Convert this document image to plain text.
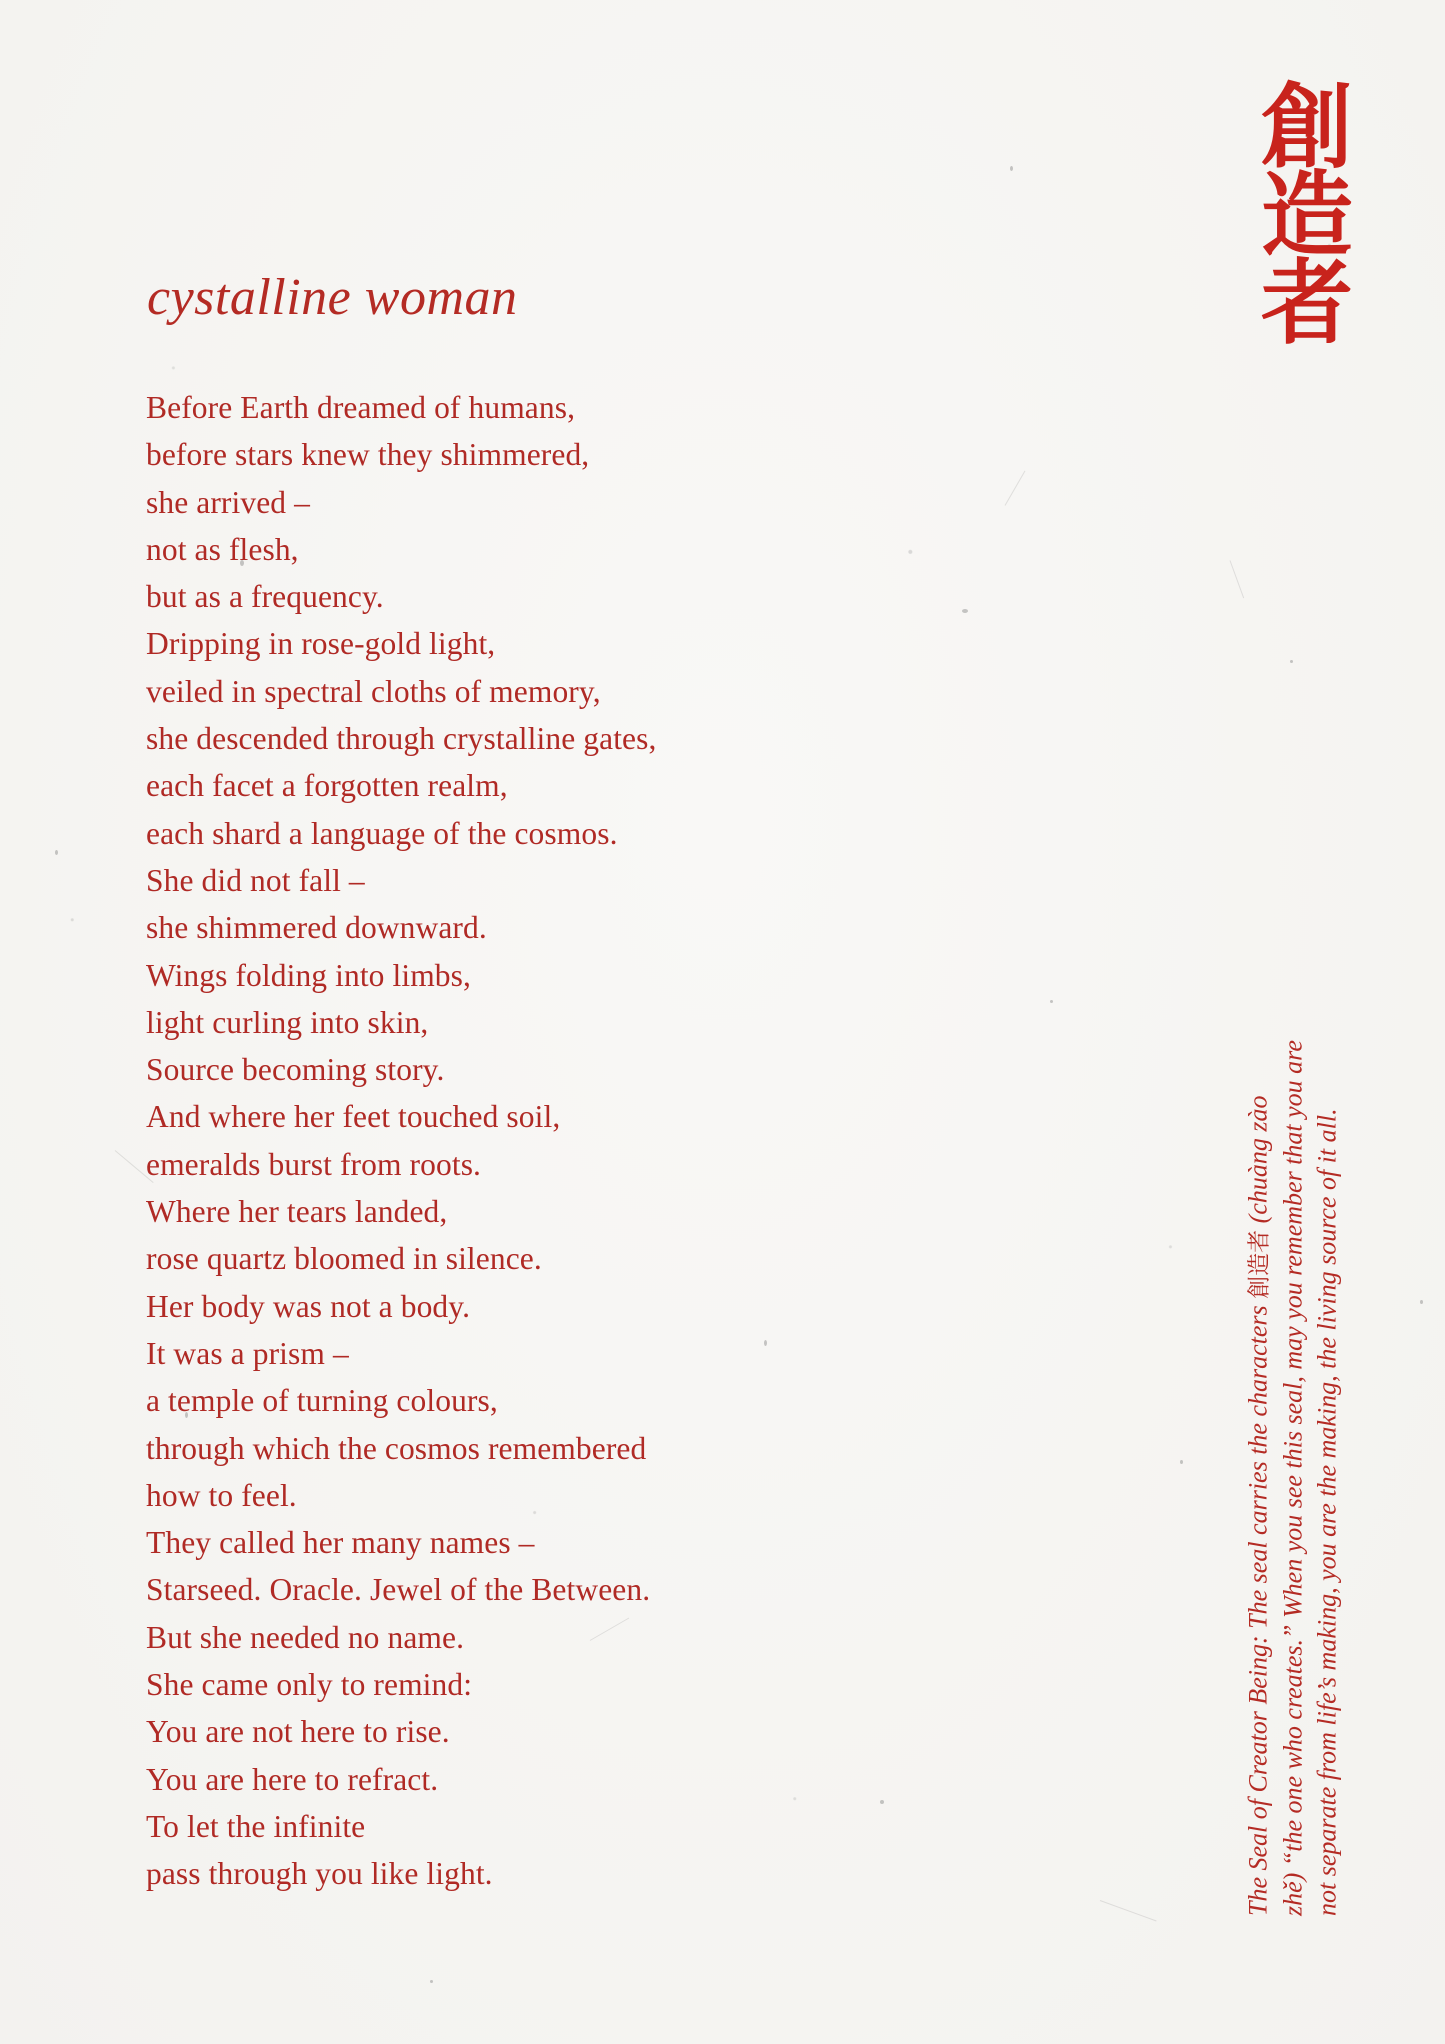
cystalline woman
Before Earth dreamed of humans,
before stars knew they shimmered,
she arrived –
not as flesh,
but as a frequency.
Dripping in rose-gold light,
veiled in spectral cloths of memory,
she descended through crystalline gates,
each facet a forgotten realm,
each shard a language of the cosmos.
She did not fall –
she shimmered downward.
Wings folding into limbs,
light curling into skin,
Source becoming story.
And where her feet touched soil,
emeralds burst from roots.
Where her tears landed,
rose quartz bloomed in silence.
Her body was not a body.
It was a prism –
a temple of turning colours,
through which the cosmos remembered
how to feel.
They called her many names –
Starseed. Oracle. Jewel of the Between.
But she needed no name.
She came only to remind:
You are not here to rise.
You are here to refract.
To let the infinite
pass through you like light.
創
造
者
The Seal of Creator Being: The seal carries the characters 創造者 (chuàng zào zhě) “the one who creates.” When you see this seal, may you remember that you are not separate from life’s making, you are the making, the living source of it all.
